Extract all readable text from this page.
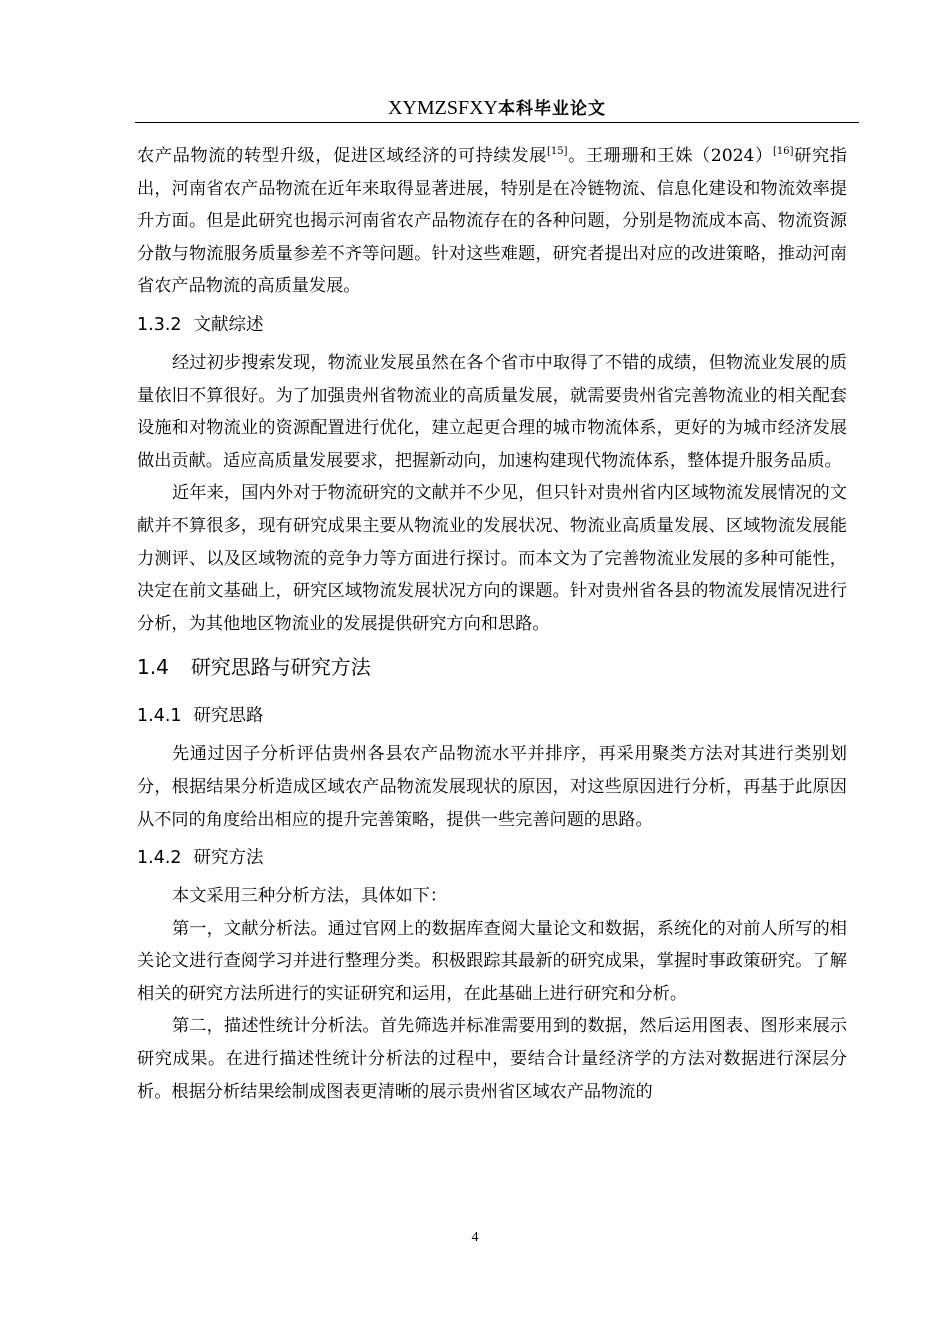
XYMZSFXY本科毕业论文

农产品物流的转型升级，促进区域经济的可持续发展[15]。王珊珊和王姝（2024）[16]研究指出，河南省农产品物流在近年来取得显著进展，特别是在冷链物流、信息化建设和物流效率提升方面。但是此研究也揭示河南省农产品物流存在的各种问题，分别是物流成本高、物流资源分散与物流服务质量参差不齐等问题。针对这些难题，研究者提出对应的改进策略，推动河南省农产品物流的高质量发展。

1.3.2 文献综述

经过初步搜索发现，物流业发展虽然在各个省市中取得了不错的成绩，但物流业发展的质量依旧不算很好。为了加强贵州省物流业的高质量发展，就需要贵州省完善物流业的相关配套设施和对物流业的资源配置进行优化，建立起更合理的城市物流体系，更好的为城市经济发展做出贡献。适应高质量发展要求，把握新动向，加速构建现代物流体系，整体提升服务品质。

近年来，国内外对于物流研究的文献并不少见，但只针对贵州省内区域物流发展情况的文献并不算很多，现有研究成果主要从物流业的发展状况、物流业高质量发展、区域物流发展能力测评、以及区域物流的竞争力等方面进行探讨。而本文为了完善物流业发展的多种可能性，决定在前文基础上，研究区域物流发展状况方向的课题。针对贵州省各县的物流发展情况进行分析，为其他地区物流业的发展提供研究方向和思路。

1.4 研究思路与研究方法
1.4.1 研究思路

先通过因子分析评估贵州各县农产品物流水平并排序，再采用聚类方法对其进行类别划分，根据结果分析造成区域农产品物流发展现状的原因，对这些原因进行分析，再基于此原因从不同的角度给出相应的提升完善策略，提供一些完善问题的思路。

1.4.2 研究方法

本文采用三种分析方法，具体如下：

第一，文献分析法。通过官网上的数据库查阅大量论文和数据，系统化的对前人所写的相关论文进行查阅学习并进行整理分类。积极跟踪其最新的研究成果，掌握时事政策研究。了解相关的研究方法所进行的实证研究和运用，在此基础上进行研究和分析。

第二，描述性统计分析法。首先筛选并标准需要用到的数据，然后运用图表、图形来展示研究成果。在进行描述性统计分析法的过程中，要结合计量经济学的方法对数据进行深层分析。根据分析结果绘制成图表更清晰的展示贵州省区域农产品物流的

4
